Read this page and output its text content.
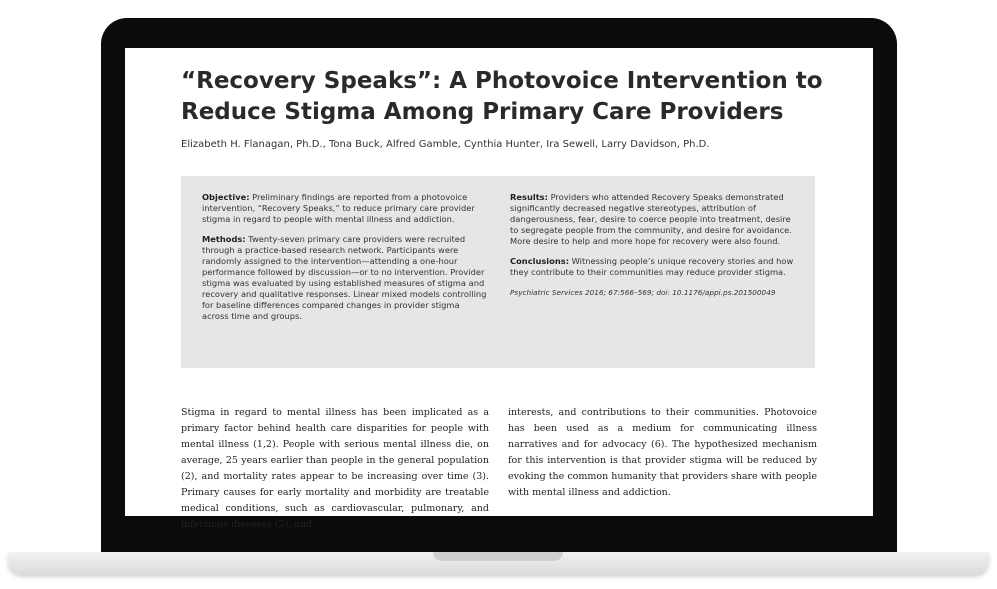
“Recovery Speaks”: A Photovoice Intervention to
Reduce Stigma Among Primary Care Providers
Elizabeth H. Flanagan, Ph.D., Tona Buck, Alfred Gamble, Cynthia Hunter, Ira Sewell, Larry Davidson, Ph.D.

Objective: Preliminary findings are reported from a photovoice intervention, “Recovery Speaks,” to reduce primary care provider stigma in regard to people with mental illness and addiction.

Methods: Twenty-seven primary care providers were recruited through a practice-based research network. Participants were randomly assigned to the intervention—attending a one-hour performance followed by discussion—or to no intervention. Provider stigma was evaluated by using established measures of stigma and recovery and qualitative responses. Linear mixed models controlling for baseline differences compared changes in provider stigma across time and groups.

Results: Providers who attended Recovery Speaks demonstrated significantly decreased negative stereotypes, attribution of dangerousness, fear, desire to coerce people into treatment, desire to segregate people from the community, and desire for avoidance. More desire to help and more hope for recovery were also found.

Conclusions: Witnessing people’s unique recovery stories and how they contribute to their communities may reduce provider stigma.

Psychiatric Services 2016; 67:566–569; doi: 10.1176/appi.ps.201500049

Stigma in regard to mental illness has been implicated as a primary factor behind health care disparities for people with mental illness (1,2). People with serious mental illness die, on average, 25 years earlier than people in the general population (2), and mortality rates appear to be increasing over time (3). Primary causes for early mortality and morbidity are treatable medical conditions, such as cardiovascular, pulmonary, and infectious diseases (2), and

interests, and contributions to their communities. Photovoice has been used as a medium for communicating illness narratives and for advocacy (6). The hypothesized mechanism for this intervention is that provider stigma will be reduced by evoking the common humanity that providers share with people with mental illness and addiction.
